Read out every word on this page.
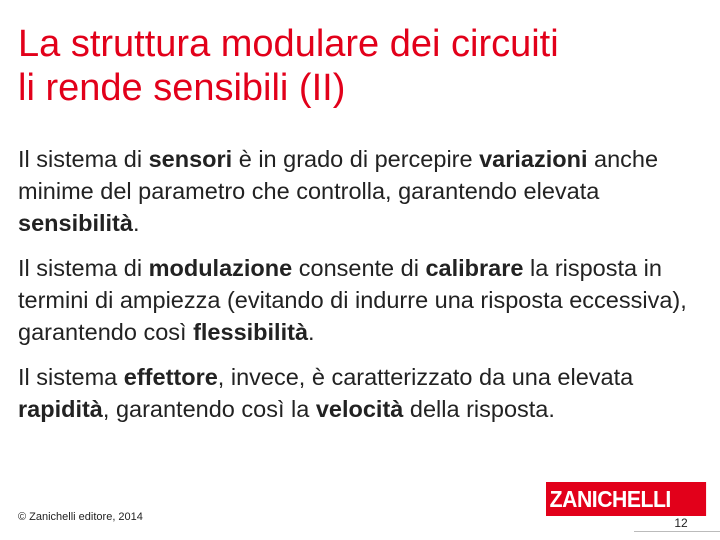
La struttura modulare dei circuiti
li rende sensibili (II)

Il sistema di sensori è in grado di percepire variazioni anche minime del parametro che controlla, garantendo elevata sensibilità.

Il sistema di modulazione consente di calibrare la risposta in termini di ampiezza (evitando di indurre una risposta eccessiva), garantendo così flessibilità.

Il sistema effettore, invece, è caratterizzato da una elevata rapidità, garantendo così la velocità della risposta.

© Zanichelli editore, 2014
ZANICHELLI
12
